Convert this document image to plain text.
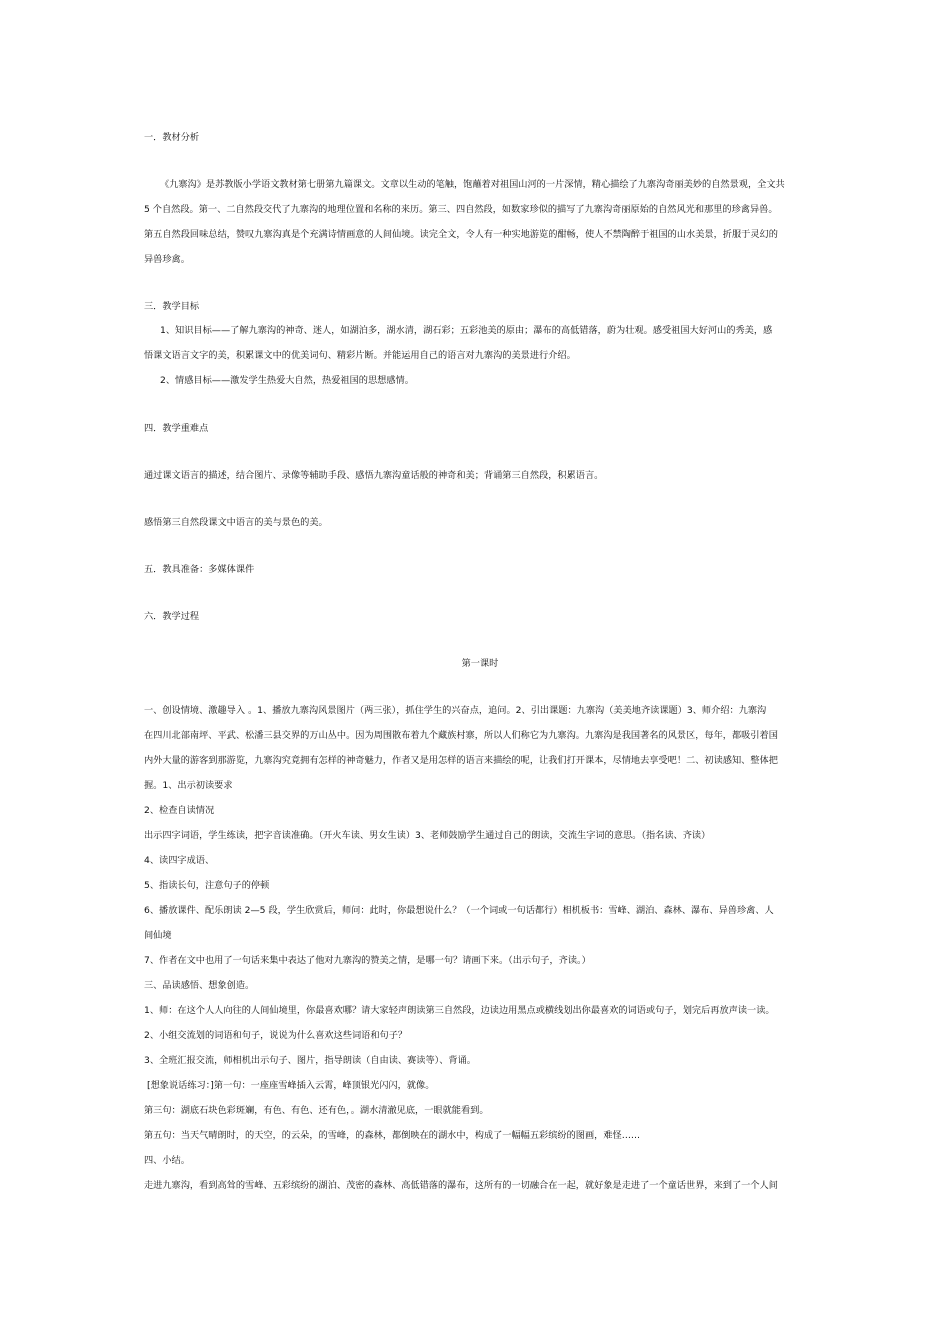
一．教材分析
《九寨沟》是苏教版小学语文教材第七册第九篇课文。文章以生动的笔触，饱蘸着对祖国山河的一片深情，精心描绘了九寨沟奇丽美妙的自然景观，全文共
5 个自然段。第一、二自然段交代了九寨沟的地理位置和名称的来历。第三、四自然段，如数家珍似的描写了九寨沟奇丽原始的自然风光和那里的珍禽异兽。
第五自然段回味总结，赞叹九寨沟真是个充满诗情画意的人间仙境。读完全文，令人有一种实地游览的酣畅，使人不禁陶醉于祖国的山水美景，折服于灵幻的
异兽珍禽。
三．教学目标
1、知识目标——了解九寨沟的神奇、迷人，如湖泊多，湖水清，湖石彩；五彩池美的原由；瀑布的高低错落，蔚为壮观。感受祖国大好河山的秀美，感
悟课文语言文字的美，积累课文中的优美词句、精彩片断。并能运用自己的语言对九寨沟的美景进行介绍。
2、情感目标——激发学生热爱大自然，热爱祖国的思想感情。
四．教学重难点
通过课文语言的描述，结合图片、录像等辅助手段、感悟九寨沟童话般的神奇和美；背诵第三自然段，积累语言。
感悟第三自然段课文中语言的美与景色的美。
五．教具准备：多媒体课件
六．教学过程
第一课时
一、创设情境、激趣导入 。1、播放九寨沟风景图片（两三张），抓住学生的兴奋点，追问。2、引出课题：九寨沟（美美地齐读课题）3、师介绍：九寨沟
在四川北部南坪、平武、松潘三县交界的万山丛中。因为周围散布着九个藏族村寨，所以人们称它为九寨沟。九寨沟是我国著名的风景区，每年，都吸引着国
内外大量的游客到那游览，九寨沟究竟拥有怎样的神奇魅力，作者又是用怎样的语言来描绘的呢，让我们打开课本，尽情地去享受吧！二、初读感知、整体把
握。1、出示初读要求
2、检查自读情况
出示四字词语，学生练读，把字音读准确。（开火车读、男女生读）3、老师鼓励学生通过自己的朗读，交流生字词的意思。（指名读、齐读）
4、读四字成语、
5、指读长句，注意句子的停顿
6、播放课件、配乐朗读 2—5 段，学生欣赏后，师问：此时，你最想说什么？（一个词或一句话都行）相机板书：雪峰、湖泊、森林、瀑布、异兽珍禽、人
间仙境
7、作者在文中也用了一句话来集中表达了他对九寨沟的赞美之情，是哪一句？请画下来。（出示句子，齐读。）
三、品读感悟、想象创造。
1、师：在这个人人向往的人间仙境里，你最喜欢哪？请大家轻声朗读第三自然段，边读边用黑点或横线划出你最喜欢的词语或句子，划完后再放声读一读。
2、小组交流划的词语和句子，说说为什么喜欢这些词语和句子？
3、全班汇报交流，师相机出示句子、图片，指导朗读（自由读、赛读等）、背诵。
[想象说话练习：]第一句：一座座雪峰插入云霄，峰顶银光闪闪，就像。
第三句：湖底石块色彩斑斓，有色、有色、还有色，。湖水清澈见底，一眼就能看到。
第五句：当天气晴朗时，的天空，的云朵，的雪峰，的森林，都倒映在的湖水中，构成了一幅幅五彩缤纷的图画，难怪……
四、小结。
走进九寨沟，看到高耸的雪峰、五彩缤纷的湖泊、茂密的森林、高低错落的瀑布，这所有的一切融合在一起，就好象是走进了一个童话世界，来到了一个人间
